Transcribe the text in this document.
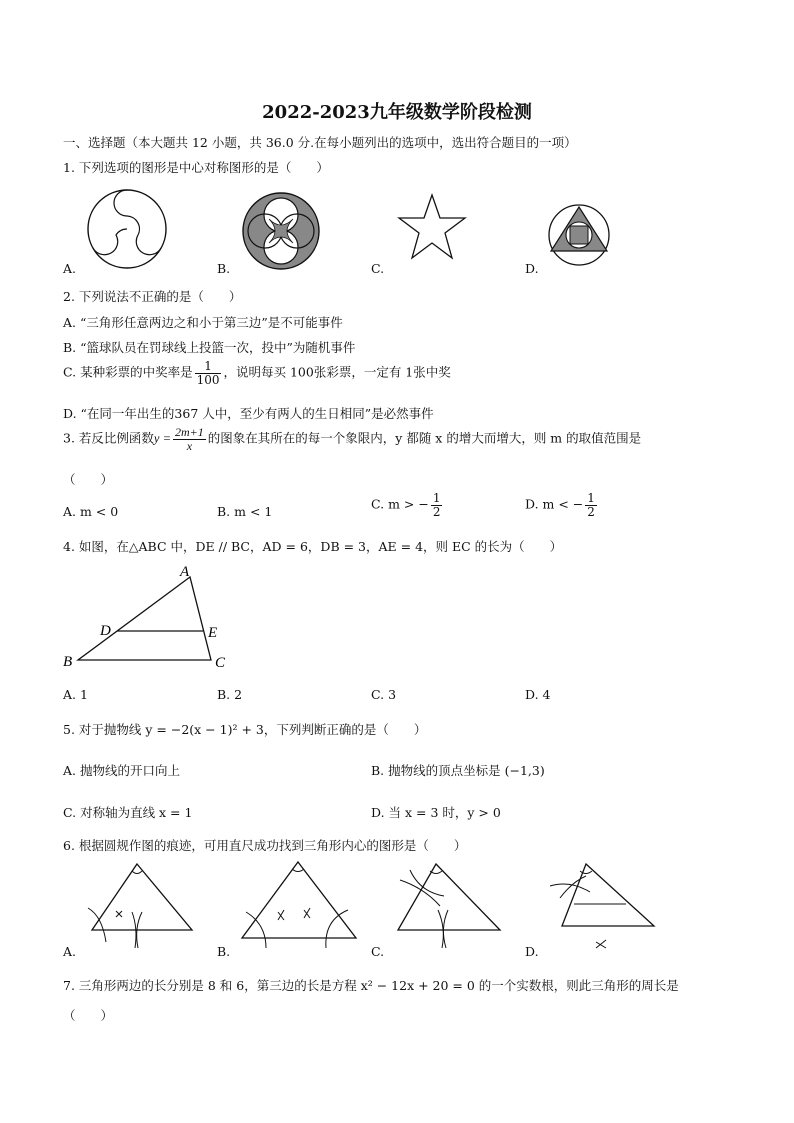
2022-2023九年级数学阶段检测
一、选择题（本大题共 12 小题，共 36.0 分.在每小题列出的选项中，选出符合题目的一项）
1. 下列选项的图形是中心对称图形的是（　　）
A.	B.	C.	D.
2. 下列说法不正确的是（　　）
A. “三角形任意两边之和小于第三边”是不可能事件
B. “篮球队员在罚球线上投篮一次，投中”为随机事件
C. 某种彩票的中奖率是 $\frac{1}{100}$ ，说明每买 100张彩票，一定有 1张中奖
D. “在同一年出生的367 人中，至少有两人的生日相同”是必然事件
3. 若反比例函数$y = \frac{2m+1}{x}$ 的图象在其所在的每一个象限内，y 都随 x 的增大而增大，则 m 的取值范围是
（　　）
A. m < 0	B. m < 1	C. m > − $\frac{1}{2}$	D. m < − $\frac{1}{2}$
4. 如图，在△ABC 中，DE // BC，AD = 6，DB = 3，AE = 4，则 EC 的长为（　　）
A
D	E
B	C
A. 1	B. 2	C. 3	D. 4
5. 对于抛物线 y = −2(x − 1)² + 3，下列判断正确的是（　　）
A. 抛物线的开口向上	B. 抛物线的顶点坐标是 (−1,3)
C. 对称轴为直线 x = 1	D. 当 x = 3 时，y > 0
6. 根据圆规作图的痕迹，可用直尺成功找到三角形内心的图形是（　　）
A.	B.	C.	D.
7. 三角形两边的长分别是 8 和 6，第三边的长是方程 x² − 12x + 20 = 0 的一个实数根，则此三角形的周长是
（　　）
